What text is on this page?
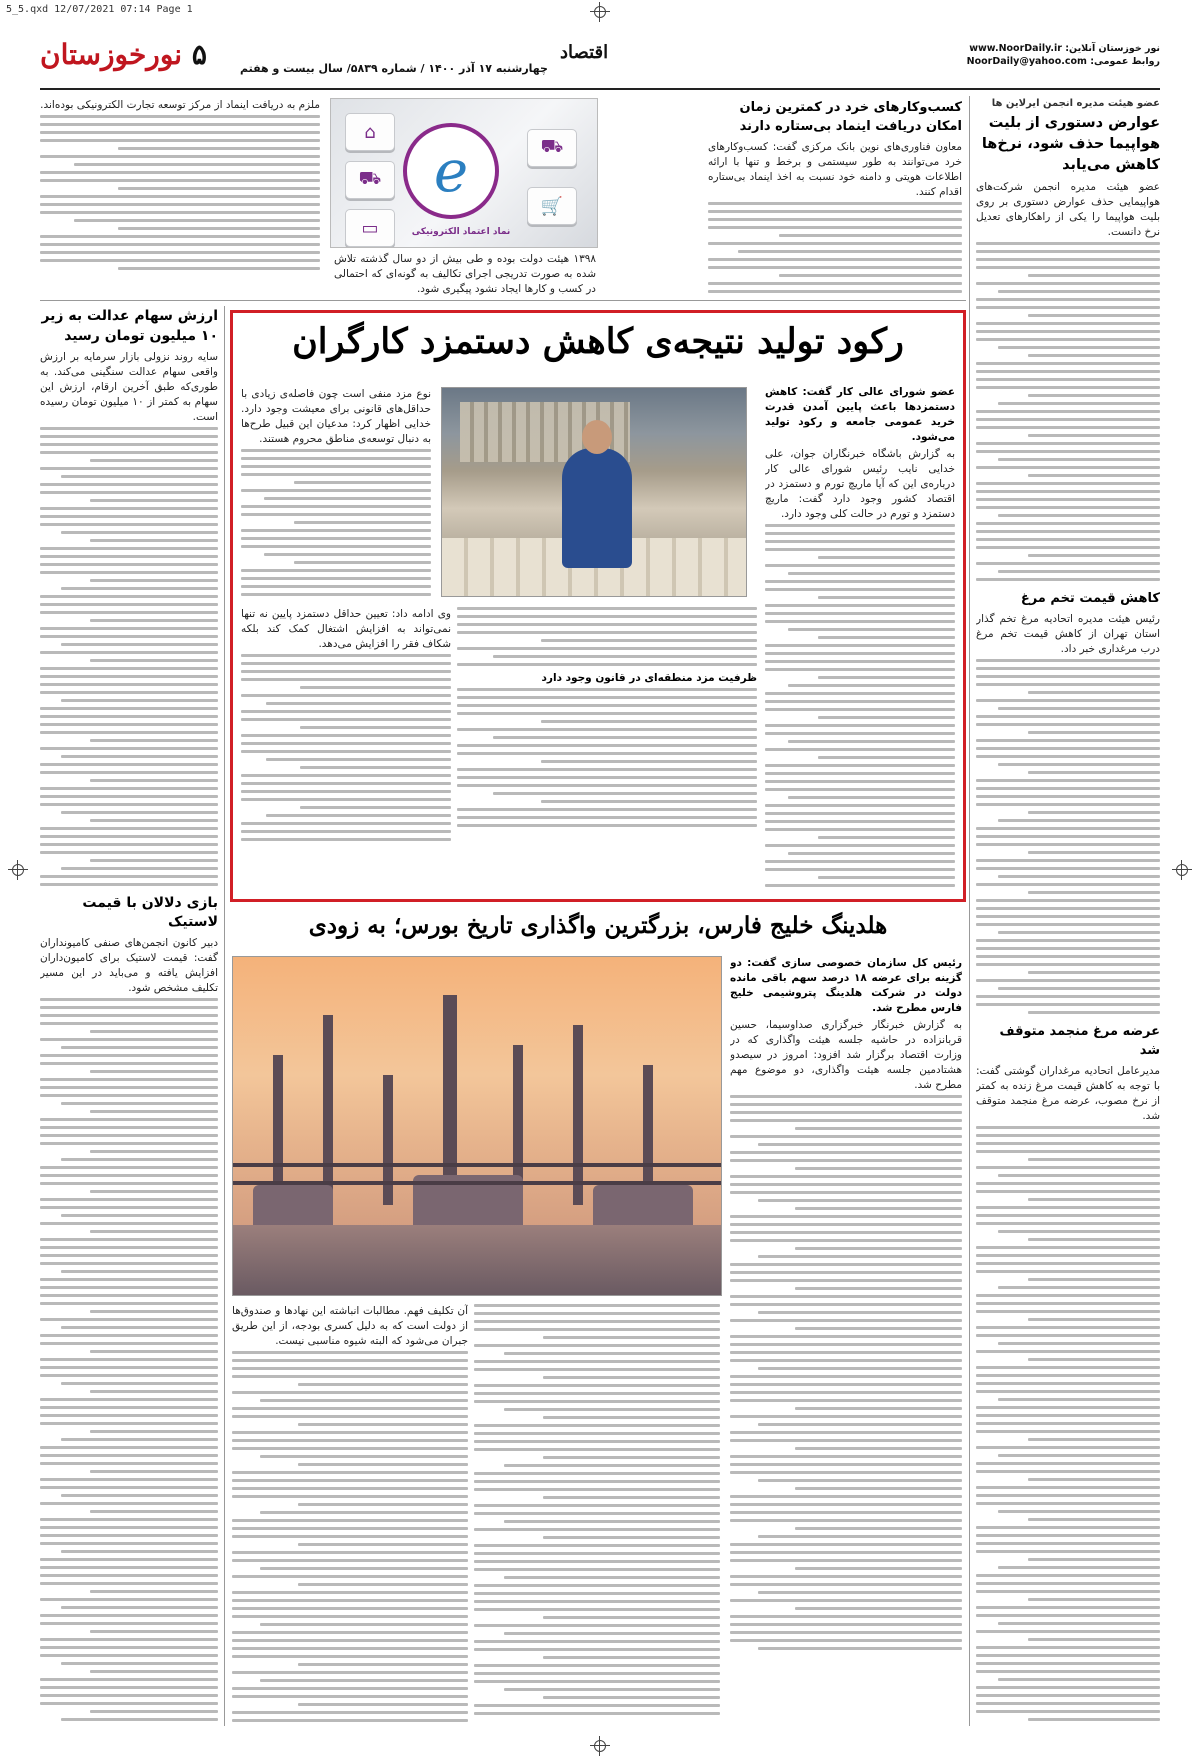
5_5.qxd 12/07/2021 07:14 Page 1
۵ نورخوزستان	چهارشنبه ۱۷ آذر ۱۴۰۰ / شماره ۵۸۳۹/ سال بیست و هفتم
اقتصاد	نور خوزستان آنلاین: www.NoorDaily.ir
روابط عمومی: NoorDaily@yahoo.com
عضو هیئت مدیره انجمن ایرلاین ها
عوارض دستوری از بلیت هواپیما حذف شود، نرخ‌ها کاهش می‌یابد

عضو هیئت مدیره انجمن شرکت‌های هواپیمایی حذف عوارض دستوری بر روی بلیت هواپیما را یکی از راهکارهای تعدیل نرخ دانست.

کاهش قیمت تخم مرغ

رئیس هیئت مدیره اتحادیه مرغ تخم گذار استان تهران از کاهش قیمت تخم مرغ درب مرغداری خبر داد.

عرضه مرغ منجمد متوقف شد

مدیرعامل اتحادیه مرغداران گوشتی گفت: با توجه به کاهش قیمت مرغ زنده به کمتر از نرخ مصوب، عرضه مرغ منجمد متوقف شد.

ارزش سهام عدالت به زیر ۱۰ میلیون تومان رسید

سایه روند نزولی بازار سرمایه بر ارزش واقعی سهام عدالت سنگینی می‌کند. به طوری‌که طبق آخرین ارقام، ارزش این سهام به کمتر از ۱۰ میلیون تومان رسیده است.

بازی دلالان با قیمت لاستیک

دبیر کانون انجمن‌های صنفی کامیونداران گفت: قیمت لاستیک برای کامیون‌داران افزایش یافته و می‌باید در این مسیر تکلیف مشخص شود.

کسب‌وکارهای خرد در کمترین زمان امکان دریافت اینماد بی‌ستاره دارند

معاون فناوری‌های نوین بانک مرکزی گفت: کسب‌وکارهای خرد می‌توانند به طور سیستمی و برخط و تنها با ارائه اطلاعات هویتی و دامنه خود نسبت به اخذ اینماد بی‌ستاره اقدام کنند.

⌂
⛟
▭
⛟
🛒
e
نماد اعتماد الکترونیکی

۱۳۹۸ هیئت دولت بوده و طی بیش از دو سال گذشته تلاش شده به صورت تدریجی اجرای تکالیف به گونه‌ای که احتمالی در کسب و کارها ایجاد نشود پیگیری شود.

ملزم به دریافت اینماد از مرکز توسعه تجارت الکترونیکی بوده‌اند.

رکود تولید نتیجه‌ی کاهش دستمزد کارگران

عضو شورای عالی کار گفت: کاهش دستمزدها باعث پایین آمدن قدرت خرید عمومی جامعه و رکود تولید می‌شود.

به گزارش باشگاه خبرنگاران جوان، علی خدایی نایب رئیس شورای عالی کار درباره‌ی این که آیا ماریچ تورم و دستمزد در اقتصاد کشور وجود دارد گفت: ماریچ دستمزد و تورم در حالت کلی وجود دارد.

نوع مزد منفی است چون فاصله‌ی زیادی با حداقل‌های قانونی برای معیشت وجود دارد. خدایی اظهار کرد: مدعیان این قبیل طرح‌ها به دنبال توسعه‌ی مناطق محروم هستند.

ظرفیت مزد منطقه‌ای در قانون وجود دارد

وی ادامه داد: تعیین حداقل دستمزد پایین نه تنها نمی‌تواند به افزایش اشتغال کمک کند بلکه شکاف فقر را افزایش می‌دهد.

هلدینگ خلیج فارس، بزرگترین واگذاری تاریخ بورس؛ به زودی

رئیس کل سازمان خصوصی سازی گفت: دو گزینه برای عرضه ۱۸ درصد سهم باقی مانده دولت در شرکت هلدینگ پتروشیمی خلیج فارس مطرح شد.

به گزارش خبرنگار خبرگزاری صداوسیما، حسین قربانزاده در حاشیه جلسه هیئت واگذاری که در وزارت اقتصاد برگزار شد افزود: امروز در سیصدو هشتادمین جلسه هیئت واگذاری، دو موضوع مهم مطرح شد.

آن تکلیف فهم. مطالبات انباشته این نهادها و صندوق‌ها از دولت است که به دلیل کسری بودجه، از این طریق جبران می‌شود که البته شیوه مناسبی نیست.
